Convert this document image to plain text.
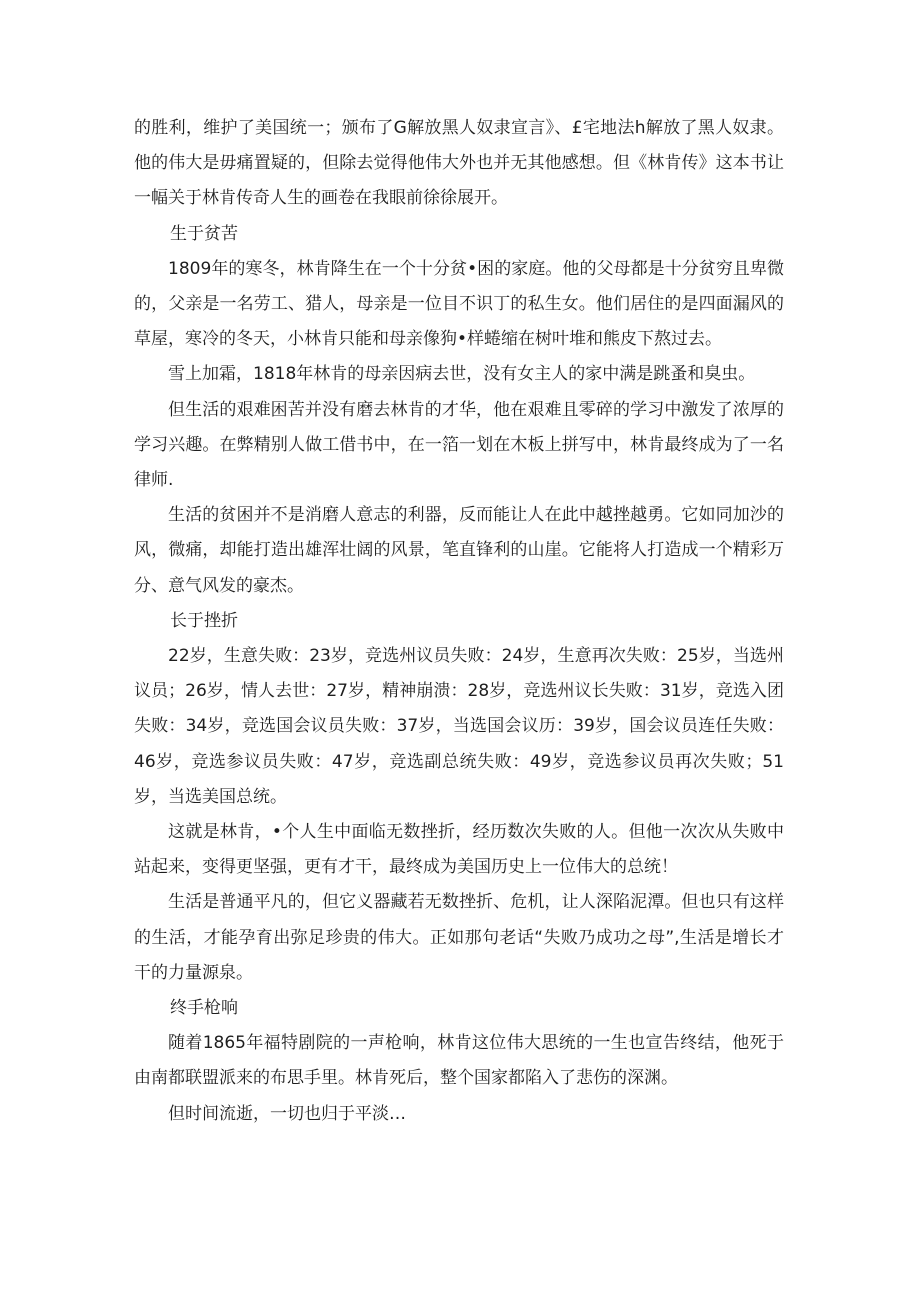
的胜利，维护了美国统一；颁布了G解放黑人奴隶宣言》、£宅地法h解放了黑人奴隶。他的伟大是毋痛置疑的，但除去觉得他伟大外也并无其他感想。但《林肯传》这本书让一幅关于林肯传奇人生的画卷在我眼前徐徐展开。

生于贫苦

1809年的寒冬，林肯降生在一个十分贫•困的家庭。他的父母都是十分贫穷且卑微的，父亲是一名劳工、猎人，母亲是一位目不识丁的私生女。他们居住的是四面漏风的草屋，寒冷的冬天，小林肯只能和母亲像狗•样蜷缩在树叶堆和熊皮下熬过去。

雪上加霜，1818年林肯的母亲因病去世，没有女主人的家中满是跳蚤和臭虫。

但生活的艰难困苦并没有磨去林肯的才华，他在艰难且零碎的学习中激发了浓厚的学习兴趣。在弊精别人做工借书中，在一箔一划在木板上拼写中，林肯最终成为了一名律师.

生活的贫困并不是消磨人意志的利器，反而能让人在此中越挫越勇。它如同加沙的风，微痛，却能打造出雄浑壮阔的风景，笔直锋利的山崖。它能将人打造成一个精彩万分、意气风发的豪杰。

长于挫折

22岁，生意失败：23岁，竞选州议员失败：24岁，生意再次失败：25岁，当选州议员；26岁，情人去世：27岁，精神崩溃：28岁，竞选州议长失败：31岁，竞选入团失败：34岁，竞选国会议员失败：37岁，当选国会议历：39岁，国会议员连任失败：46岁，竞选参议员失败：47岁，竞选副总统失败：49岁，竞选参议员再次失败；51岁，当选美国总统。

这就是林肯，•个人生中面临无数挫折，经历数次失败的人。但他一次次从失败中站起来，变得更坚强，更有才干，最终成为美国历史上一位伟大的总统！

生活是普通平凡的，但它义器藏若无数挫折、危机，让人深陷泥潭。但也只有这样的生活，才能孕育出弥足珍贵的伟大。正如那句老话“失败乃成功之母”,生活是增长才干的力量源泉。

终手枪响

随着1865年福特剧院的一声枪响，林肯这位伟大思统的一生也宣告终结，他死于由南都联盟派来的布思手里。林肯死后，整个国家都陷入了悲伤的深渊。

但时间流逝，一切也归于平淡…
